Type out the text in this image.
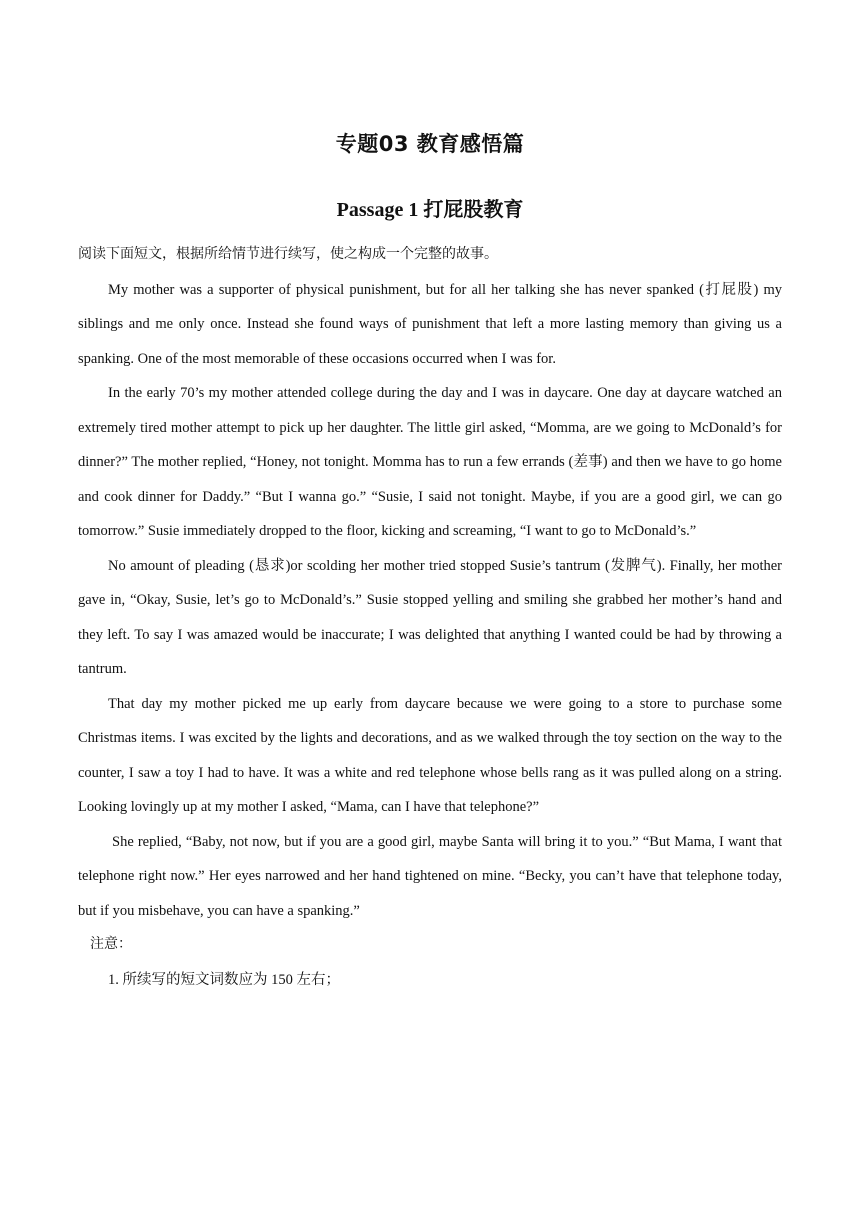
专题03 教育感悟篇
Passage 1 打屁股教育

阅读下面短文，根据所给情节进行续写，使之构成一个完整的故事。

My mother was a supporter of physical punishment, but for all her talking she has never spanked (打屁股) my siblings and me only once. Instead she found ways of punishment that left a more lasting memory than giving us a spanking. One of the most memorable of these occasions occurred when I was for.

In the early 70’s my mother attended college during the day and I was in daycare. One day at daycare watched an extremely tired mother attempt to pick up her daughter. The little girl asked, “Momma, are we going to McDonald’s for dinner?” The mother replied, “Honey, not tonight. Momma has to run a few errands (差事) and then we have to go home and cook dinner for Daddy.” “But I wanna go.” “Susie, I said not tonight. Maybe, if you are a good girl, we can go tomorrow.” Susie immediately dropped to the floor, kicking and screaming, “I want to go to McDonald’s.”

No amount of pleading (恳求)or scolding her mother tried stopped Susie’s tantrum (发脾气). Finally, her mother gave in, “Okay, Susie, let’s go to McDonald’s.” Susie stopped yelling and smiling she grabbed her mother’s hand and they left. To say I was amazed would be inaccurate; I was delighted that anything I wanted could be had by throwing a tantrum.

That day my mother picked me up early from daycare because we were going to a store to purchase some Christmas items. I was excited by the lights and decorations, and as we walked through the toy section on the way to the counter, I saw a toy I had to have. It was a white and red telephone whose bells rang as it was pulled along on a string. Looking lovingly up at my mother I asked, “Mama, can I have that telephone?”

She replied, “Baby, not now, but if you are a good girl, maybe Santa will bring it to you.” “But Mama, I want that telephone right now.” Her eyes narrowed and her hand tightened on mine. “Becky, you can’t have that telephone today, but if you misbehave, you can have a spanking.”

注意：

1. 所续写的短文词数应为 150 左右；
